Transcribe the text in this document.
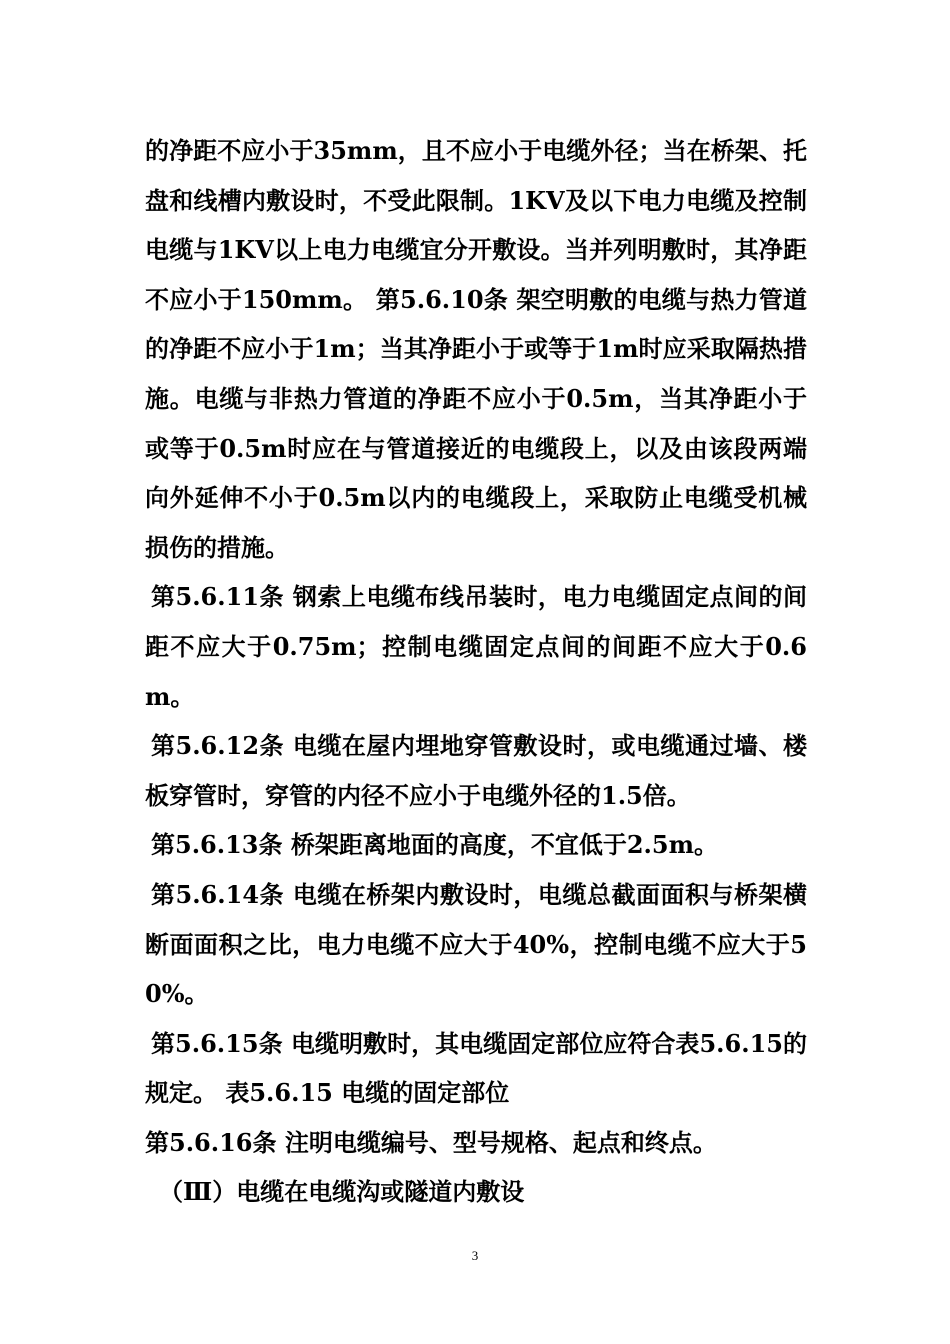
的净距不应小于35mm，且不应小于电缆外径；当在桥架、托盘和线槽内敷设时，不受此限制。1KV及以下电力电缆及控制电缆与1KV以上电力电缆宜分开敷设。当并列明敷时，其净距不应小于150mm。 第5.6.10条 架空明敷的电缆与热力管道的净距不应小于1m；当其净距小于或等于1m时应采取隔热措施。电缆与非热力管道的净距不应小于0.5m，当其净距小于或等于0.5m时应在与管道接近的电缆段上，以及由该段两端向外延伸不小于0.5m以内的电缆段上，采取防止电缆受机械损伤的措施。

第5.6.11条 钢索上电缆布线吊装时，电力电缆固定点间的间距不应大于0.75m；控制电缆固定点间的间距不应大于0.6m。

第5.6.12条 电缆在屋内埋地穿管敷设时，或电缆通过墙、楼板穿管时，穿管的内径不应小于电缆外径的1.5倍。

第5.6.13条 桥架距离地面的高度，不宜低于2.5m。

第5.6.14条 电缆在桥架内敷设时，电缆总截面面积与桥架横断面面积之比，电力电缆不应大于40%，控制电缆不应大于50%。

第5.6.15条 电缆明敷时，其电缆固定部位应符合表5.6.15的规定。 表5.6.15 电缆的固定部位

第5.6.16条 注明电缆编号、型号规格、起点和终点。

（Ⅲ）电缆在电缆沟或隧道内敷设

3
